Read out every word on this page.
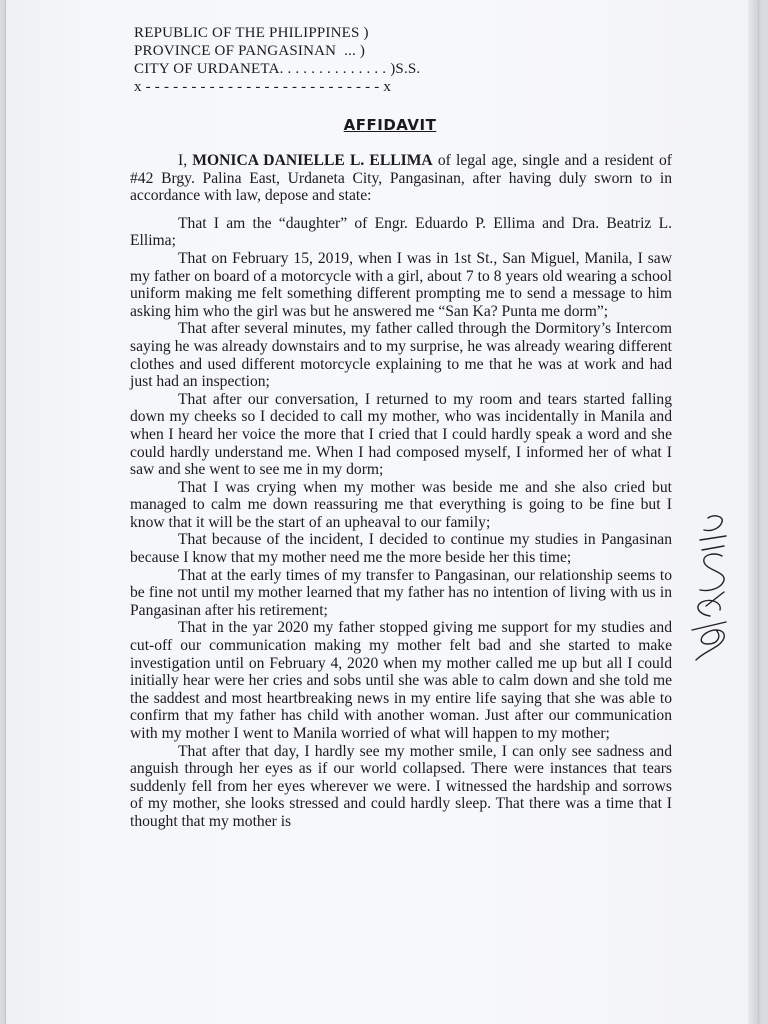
REPUBLIC OF THE PHILIPPINES )
PROVINCE OF PANGASINAN  ... )
CITY OF URDANETA. . . . . . . . . . . . . . )S.S.
x - - - - - - - - - - - - - - - - - - - - - - - - - - x
AFFIDAVIT

I, MONICA DANIELLE L. ELLIMA of legal age, single and a resident of #42 Brgy. Palina East, Urdaneta City, Pangasinan, after having duly sworn to in accordance with law, depose and state:

That I am the “daughter” of Engr. Eduardo P. Ellima and Dra. Beatriz L. Ellima;

That on February 15, 2019, when I was in 1st St., San Miguel, Manila, I saw my father on board of a motorcycle with a girl, about 7 to 8 years old wearing a school uniform making me felt something different prompting me to send a message to him asking him who the girl was but he answered me “San Ka? Punta me dorm”;

That after several minutes, my father called through the Dormitory’s Intercom saying he was already downstairs and to my surprise, he was already wearing different clothes and used different motorcycle explaining to me that he was at work and had just had an inspection;

That after our conversation, I returned to my room and tears started falling down my cheeks so I decided to call my mother, who was incidentally in Manila and when I heard her voice the more that I cried that I could hardly speak a word and she could hardly understand me. When I had composed myself, I informed her of what I saw and she went to see me in my dorm;

That I was crying when my mother was beside me and she also cried but managed to calm me down reassuring me that everything is going to be fine but I know that it will be the start of an upheaval to our family;

That because of the incident, I decided to continue my studies in Pangasinan because I know that my mother need me the more beside her this time;

That at the early times of my transfer to Pangasinan, our relationship seems to be fine not until my mother learned that my father has no intention of living with us in Pangasinan after his retirement;

That in the yar 2020 my father stopped giving me support for my studies and cut-off our communication making my mother felt bad and she started to make investigation until on February 4, 2020 when my mother called me up but all I could initially hear were her cries and sobs until she was able to calm down and she told me the saddest and most heartbreaking news in my entire life saying that she was able to confirm that my father has child with another woman. Just after our communication with my mother I went to Manila worried of what will happen to my mother;

That after that day, I hardly see my mother smile, I can only see sadness and anguish through her eyes as if our world collapsed. There were instances that tears suddenly fell from her eyes wherever we were. I witnessed the hardship and sorrows of my mother, she looks stressed and could hardly sleep. That there was a time that I thought that my mother is
